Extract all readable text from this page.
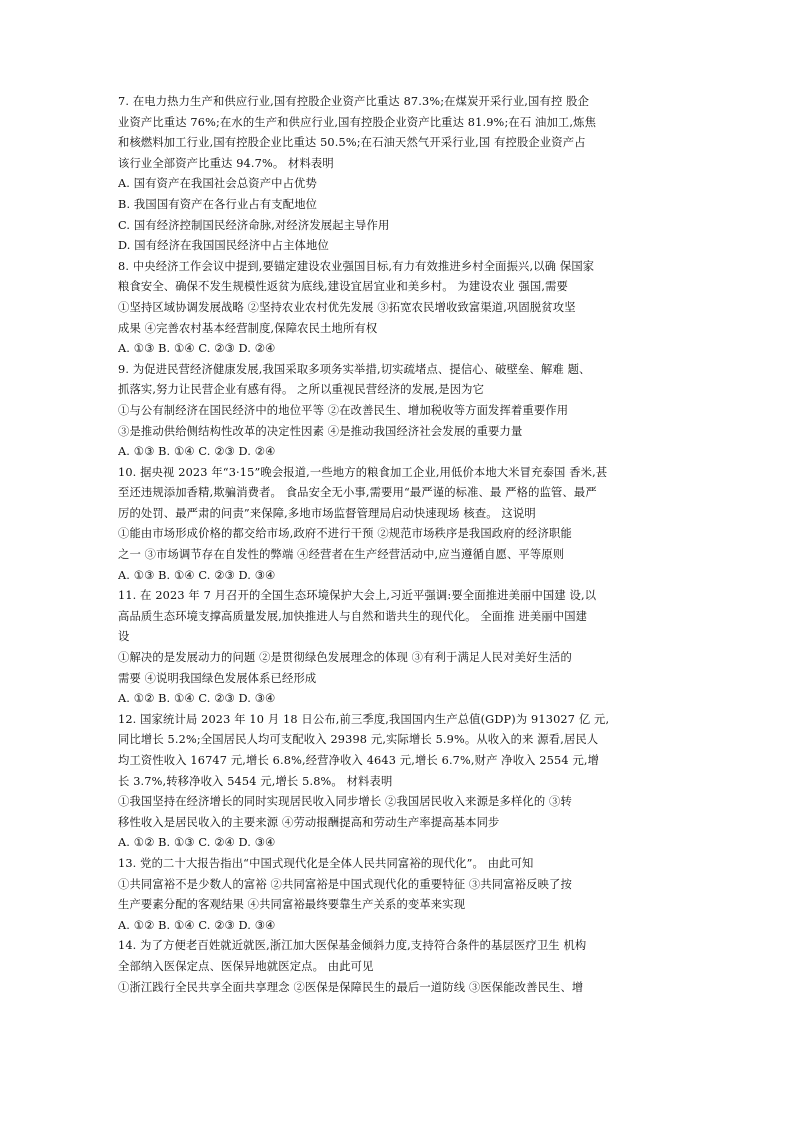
7. 在电力热力生产和供应行业,国有控股企业资产比重达 87.3%;在煤炭开采行业,国有控 股企
业资产比重达 76%;在水的生产和供应行业,国有控股企业资产比重达 81.9%;在石 油加工,炼焦
和核燃料加工行业,国有控股企业比重达 50.5%;在石油天然气开采行业,国 有控股企业资产占
该行业全部资产比重达 94.7%。 材料表明
A. 国有资产在我国社会总资产中占优势
B. 我国国有资产在各行业占有支配地位
C. 国有经济控制国民经济命脉,对经济发展起主导作用
D. 国有经济在我国国民经济中占主体地位
8. 中央经济工作会议中提到,要锚定建设农业强国目标,有力有效推进乡村全面振兴,以确 保国家
粮食安全、确保不发生规模性返贫为底线,建设宜居宜业和美乡村。 为建设农业 强国,需要
①坚持区域协调发展战略 ②坚持农业农村优先发展 ③拓宽农民增收致富渠道,巩固脱贫攻坚
成果 ④完善农村基本经营制度,保障农民土地所有权
A. ①③ B. ①④ C. ②③ D. ②④
9. 为促进民营经济健康发展,我国采取多项务实举措,切实疏堵点、提信心、破壁垒、解难 题、
抓落实,努力让民营企业有感有得。 之所以重视民营经济的发展,是因为它
①与公有制经济在国民经济中的地位平等 ②在改善民生、增加税收等方面发挥着重要作用
③是推动供给侧结构性改革的决定性因素 ④是推动我国经济社会发展的重要力量
A. ①③ B. ①④ C. ②③ D. ②④
10. 据央视 2023 年“3·15”晚会报道,一些地方的粮食加工企业,用低价本地大米冒充泰国 香米,甚
至还违规添加香精,欺骗消费者。 食品安全无小事,需要用“最严谨的标准、最 严格的监管、最严
厉的处罚、最严肃的问责”来保障,多地市场监督管理局启动快速现场 核查。 这说明
①能由市场形成价格的都交给市场,政府不进行干预 ②规范市场秩序是我国政府的经济职能
之一 ③市场调节存在自发性的弊端 ④经营者在生产经营活动中,应当遵循自愿、平等原则
A. ①③ B. ①④ C. ②③ D. ③④
11. 在 2023 年 7 月召开的全国生态环境保护大会上,习近平强调:要全面推进美丽中国建 设,以
高品质生态环境支撑高质量发展,加快推进人与自然和谐共生的现代化。 全面推 进美丽中国建
设
①解决的是发展动力的问题 ②是贯彻绿色发展理念的体现 ③有利于满足人民对美好生活的
需要 ④说明我国绿色发展体系已经形成
A. ①② B. ①④ C. ②③ D. ③④
12. 国家统计局 2023 年 10 月 18 日公布,前三季度,我国国内生产总值(GDP)为 913027 亿 元,
同比增长 5.2%;全国居民人均可支配收入 29398 元,实际增长 5.9%。从收入的来 源看,居民人
均工资性收入 16747 元,增长 6.8%,经营净收入 4643 元,增长 6.7%,财产 净收入 2554 元,增
长 3.7%,转移净收入 5454 元,增长 5.8%。 材料表明
①我国坚持在经济增长的同时实现居民收入同步增长 ②我国居民收入来源是多样化的 ③转
移性收入是居民收入的主要来源 ④劳动报酬提高和劳动生产率提高基本同步
A. ①② B. ①③ C. ②④ D. ③④
13. 党的二十大报告指出“中国式现代化是全体人民共同富裕的现代化”。 由此可知
①共同富裕不是少数人的富裕 ②共同富裕是中国式现代化的重要特征 ③共同富裕反映了按
生产要素分配的客观结果 ④共同富裕最终要靠生产关系的变革来实现
A. ①② B. ①④ C. ②③ D. ③④
14. 为了方便老百姓就近就医,浙江加大医保基金倾斜力度,支持符合条件的基层医疗卫生 机构
全部纳入医保定点、医保异地就医定点。 由此可见
①浙江践行全民共享全面共享理念 ②医保是保障民生的最后一道防线 ③医保能改善民生、增
